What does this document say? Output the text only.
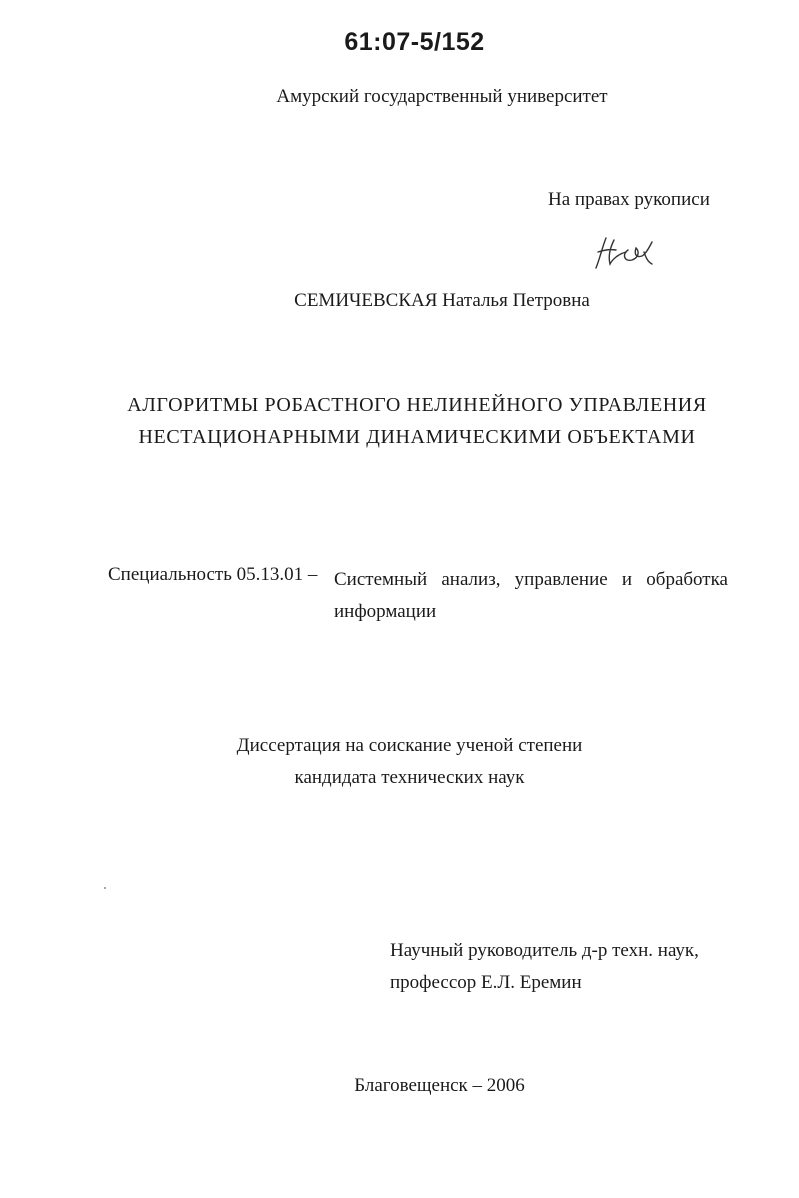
61:07-5/152
Амурский государственный университет
На правах рукописи
СЕМИЧЕВСКАЯ Наталья Петровна
АЛГОРИТМЫ РОБАСТНОГО НЕЛИНЕЙНОГО УПРАВЛЕНИЯ
НЕСТАЦИОНАРНЫМИ ДИНАМИЧЕСКИМИ ОБЪЕКТАМИ
Специальность 05.13.01 – Системный анализ, управление и обработка информации
Диссертация на соискание ученой степени
кандидата технических наук
Научный руководитель д-р техн. наук,
профессор Е.Л. Еремин
Благовещенск – 2006
